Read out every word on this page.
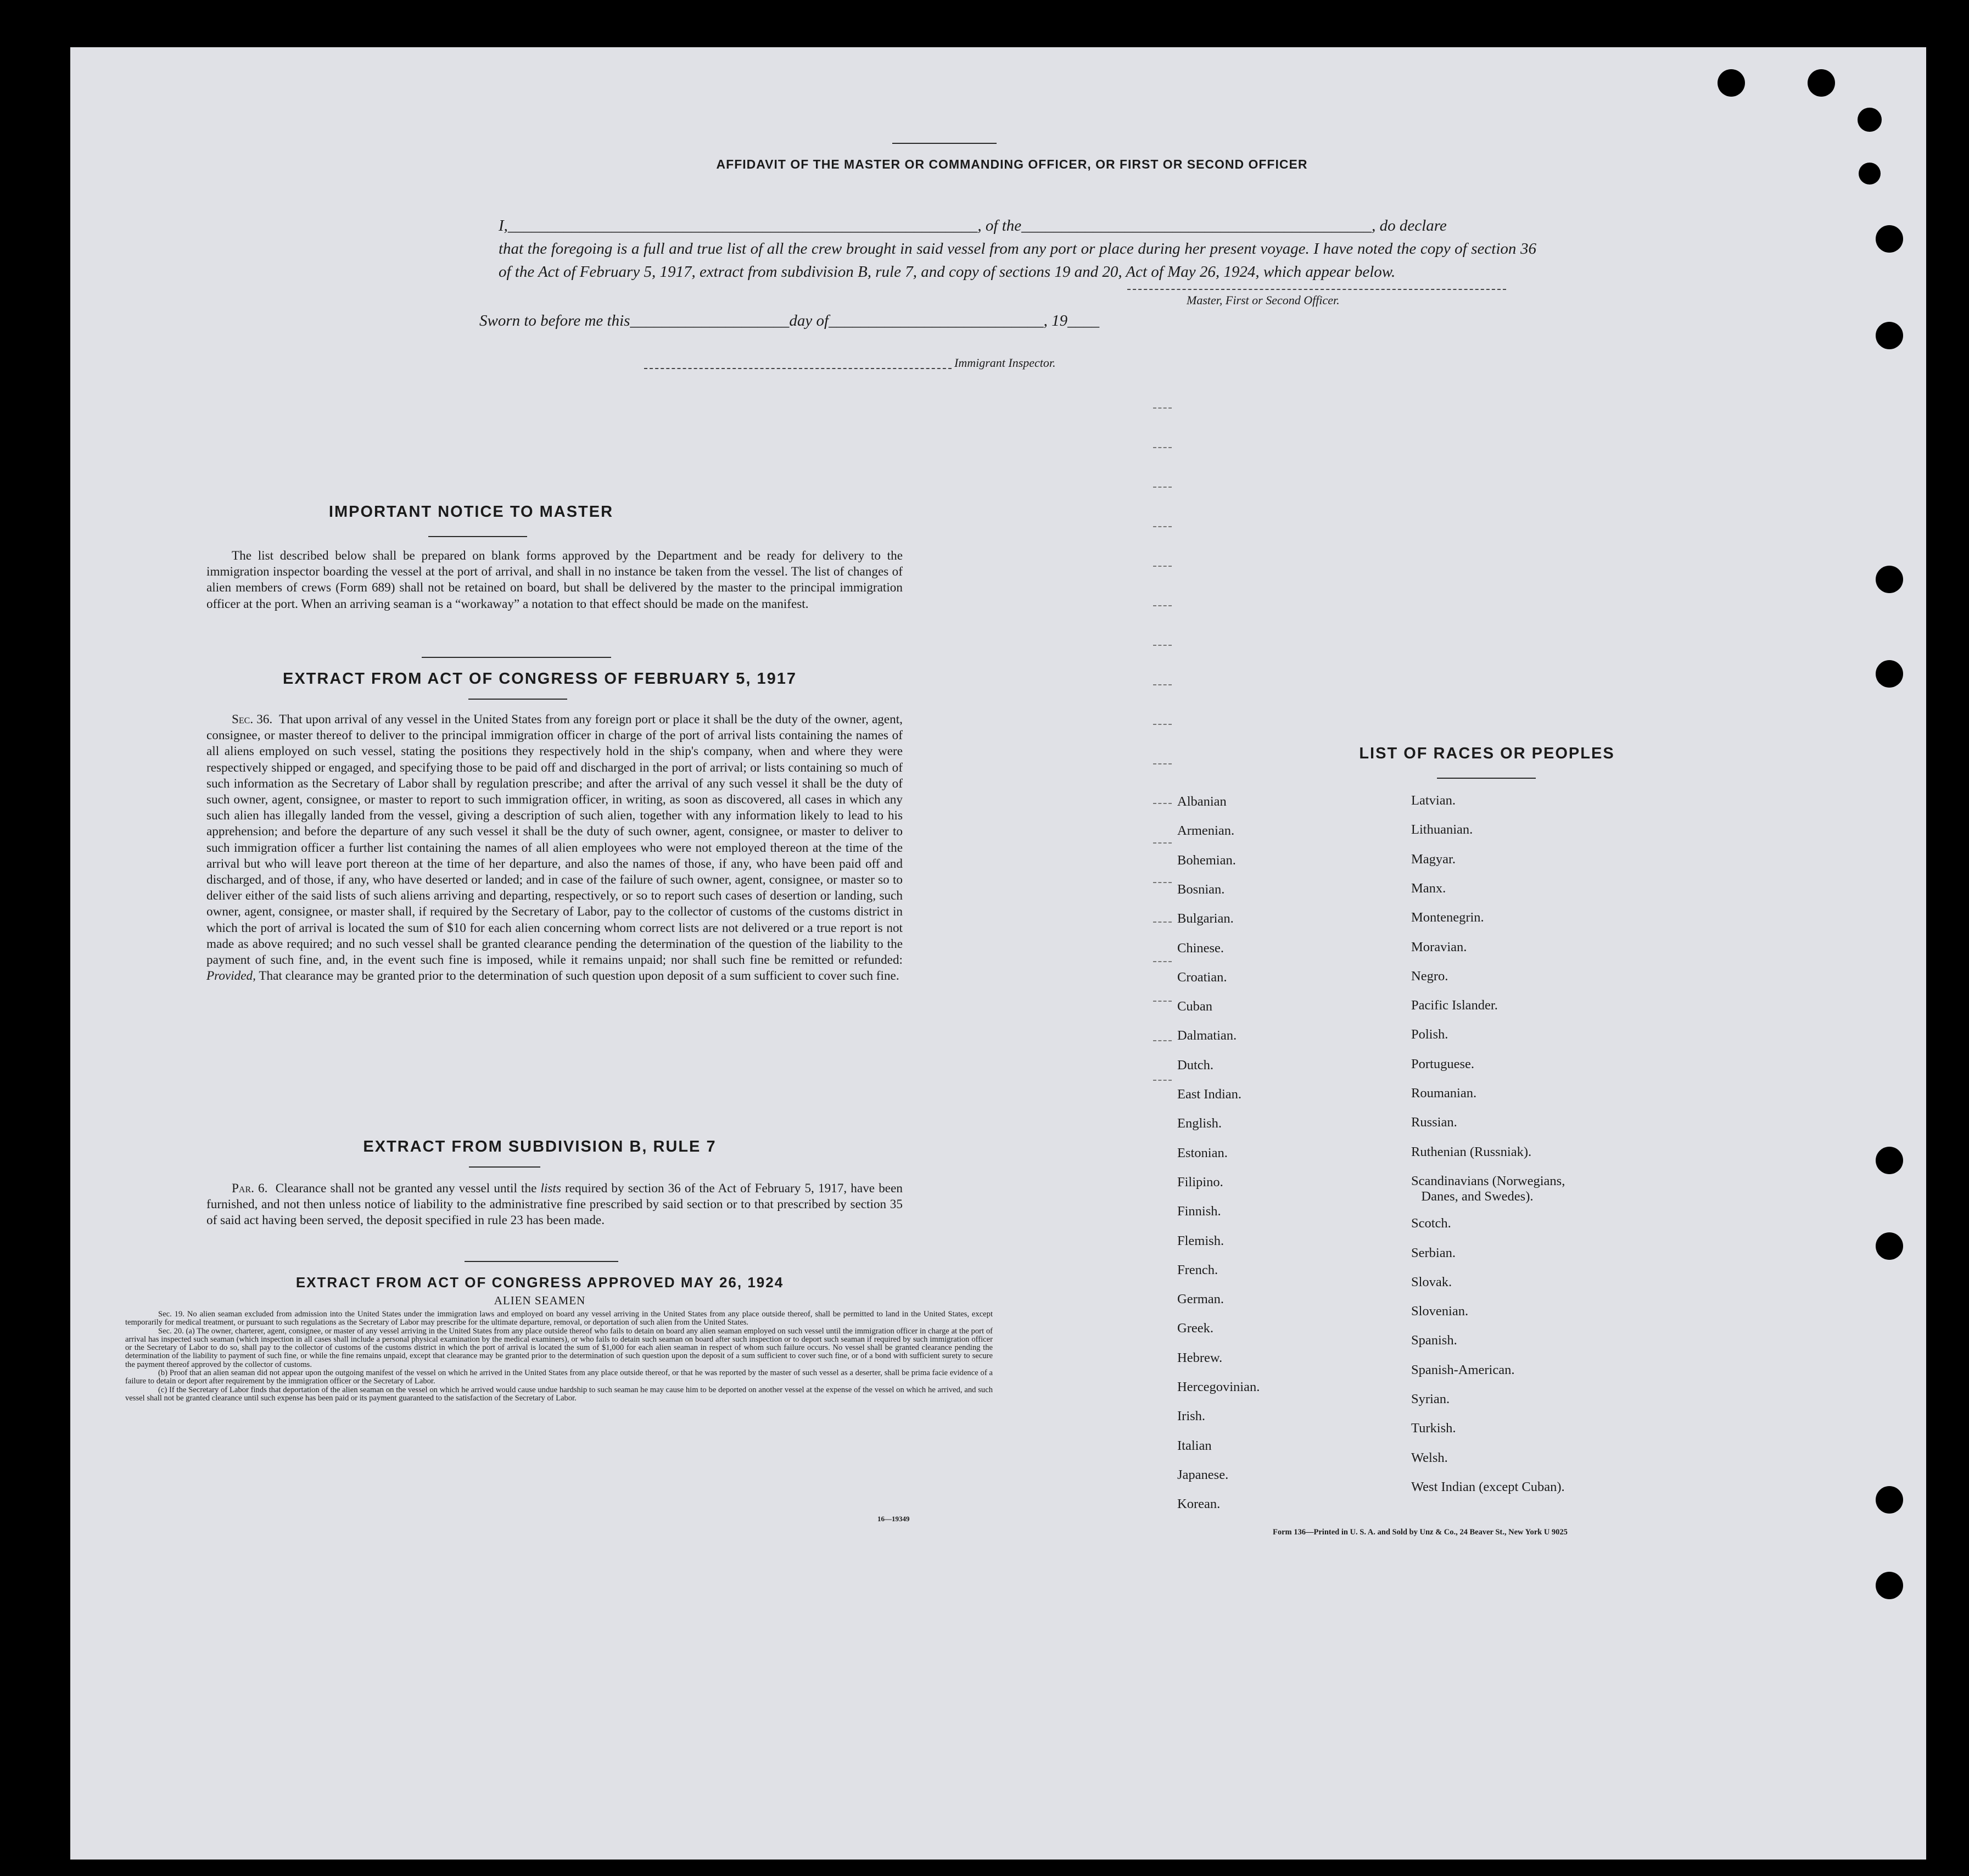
AFFIDAVIT OF THE MASTER OR COMMANDING OFFICER, OR FIRST OR SECOND OFFICER
I,___________________________________________________________, of the____________________________________________, do declare
that the foregoing is a full and true list of all the crew brought in said vessel from any port or place during her present voyage. I have noted the copy of section 36 of the Act of February 5, 1917, extract from subdivision B, rule 7, and copy of sections 19 and 20, Act of May 26, 1924, which appear below.
Master, First or Second Officer.
Sworn to before me this____________________day of___________________________, 19____
Immigrant Inspector.
IMPORTANT NOTICE TO MASTER
The list described below shall be prepared on blank forms approved by the Department and be ready for delivery to the immigration inspector boarding the vessel at the port of arrival, and shall in no instance be taken from the vessel. The list of changes of alien members of crews (Form 689) shall not be retained on board, but shall be delivered by the master to the principal immigration officer at the port. When an arriving seaman is a “workaway” a notation to that effect should be made on the manifest.
EXTRACT FROM ACT OF CONGRESS OF FEBRUARY 5, 1917
Sec. 36. That upon arrival of any vessel in the United States from any foreign port or place it shall be the duty of the owner, agent, consignee, or master thereof to deliver to the principal immigration officer in charge of the port of arrival lists containing the names of all aliens employed on such vessel, stating the positions they respectively hold in the ship's company, when and where they were respectively shipped or engaged, and specifying those to be paid off and discharged in the port of arrival; or lists containing so much of such information as the Secretary of Labor shall by regulation prescribe; and after the arrival of any such vessel it shall be the duty of such owner, agent, consignee, or master to report to such immigration officer, in writing, as soon as discovered, all cases in which any such alien has illegally landed from the vessel, giving a description of such alien, together with any information likely to lead to his apprehension; and before the departure of any such vessel it shall be the duty of such owner, agent, consignee, or master to deliver to such immigration officer a further list containing the names of all alien employees who were not employed thereon at the time of the arrival but who will leave port thereon at the time of her departure, and also the names of those, if any, who have been paid off and discharged, and of those, if any, who have deserted or landed; and in case of the failure of such owner, agent, consignee, or master so to deliver either of the said lists of such aliens arriving and departing, respectively, or so to report such cases of desertion or landing, such owner, agent, consignee, or master shall, if required by the Secretary of Labor, pay to the collector of customs of the customs district in which the port of arrival is located the sum of $10 for each alien concerning whom correct lists are not delivered or a true report is not made as above required; and no such vessel shall be granted clearance pending the determination of the question of the liability to the payment of such fine, and, in the event such fine is imposed, while it remains unpaid; nor shall such fine be remitted or refunded: Provided, That clearance may be granted prior to the determination of such question upon deposit of a sum sufficient to cover such fine.
EXTRACT FROM SUBDIVISION B, RULE 7
Par. 6. Clearance shall not be granted any vessel until the lists required by section 36 of the Act of February 5, 1917, have been furnished, and not then unless notice of liability to the administrative fine prescribed by said section or to that prescribed by section 35 of said act having been served, the deposit specified in rule 23 has been made.
EXTRACT FROM ACT OF CONGRESS APPROVED MAY 26, 1924
ALIEN SEAMEN

Sec. 19. No alien seaman excluded from admission into the United States under the immigration laws and employed on board any vessel arriving in the United States from any place outside thereof, shall be permitted to land in the United States, except temporarily for medical treatment, or pursuant to such regulations as the Secretary of Labor may prescribe for the ultimate departure, removal, or deportation of such alien from the United States.

Sec. 20. (a) The owner, charterer, agent, consignee, or master of any vessel arriving in the United States from any place outside thereof who fails to detain on board any alien seaman employed on such vessel until the immigration officer in charge at the port of arrival has inspected such seaman (which inspection in all cases shall include a personal physical examination by the medical examiners), or who fails to detain such seaman on board after such inspection or to deport such seaman if required by such immigration officer or the Secretary of Labor to do so, shall pay to the collector of customs of the customs district in which the port of arrival is located the sum of $1,000 for each alien seaman in respect of whom such failure occurs. No vessel shall be granted clearance pending the determination of the liability to payment of such fine, or while the fine remains unpaid, except that clearance may be granted prior to the determination of such question upon the deposit of a sum sufficient to cover such fine, or of a bond with sufficient surety to secure the payment thereof approved by the collector of customs.

(b) Proof that an alien seaman did not appear upon the outgoing manifest of the vessel on which he arrived in the United States from any place outside thereof, or that he was reported by the master of such vessel as a deserter, shall be prima facie evidence of a failure to detain or deport after requirement by the immigration officer or the Secretary of Labor.

(c) If the Secretary of Labor finds that deportation of the alien seaman on the vessel on which he arrived would cause undue hardship to such seaman he may cause him to be deported on another vessel at the expense of the vessel on which he arrived, and such vessel shall not be granted clearance until such expense has been paid or its payment guaranteed to the satisfaction of the Secretary of Labor.

16—19349
LIST OF RACES OR PEOPLES
Form 136—Printed in U. S. A. and Sold by Unz & Co., 24 Beaver St., New York U 9025
Albanian
Armenian.
Bohemian.
Bosnian.
Bulgarian.
Chinese.
Croatian.
Cuban
Dalmatian.
Dutch.
East Indian.
English.
Estonian.
Filipino.
Finnish.
Flemish.
French.
German.
Greek.
Hebrew.
Hercegovinian.
Irish.
Italian
Japanese.
Korean.
Latvian.
Lithuanian.
Magyar.
Manx.
Montenegrin.
Moravian.
Negro.
Pacific Islander.
Polish.
Portuguese.
Roumanian.
Russian.
Ruthenian (Russniak).
Scandinavians (Norwegians,
Danes, and Swedes).
Scotch.
Serbian.
Slovak.
Slovenian.
Spanish.
Spanish-American.
Syrian.
Turkish.
Welsh.
West Indian (except Cuban).
